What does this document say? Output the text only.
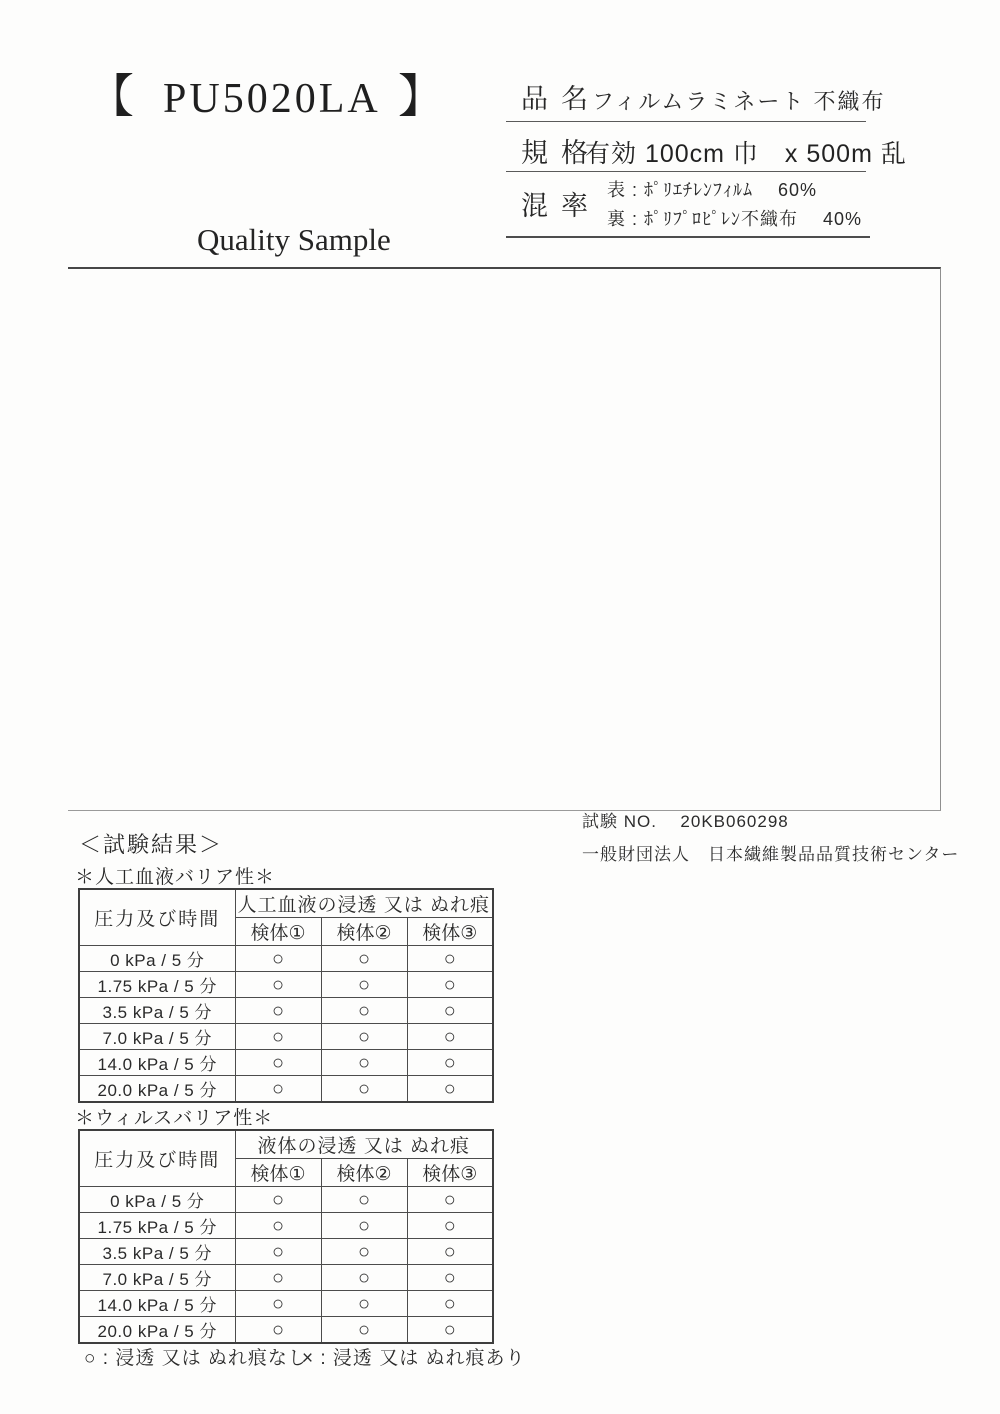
【 PU5020LA 】
Quality Sample
品名
フィルムラミネート 不織布
規格
有効 100cm 巾　x 500m 乱
混率
表 : ﾎﾟﾘｴﾁﾚﾝﾌｨﾙﾑ　 60%
裏 : ﾎﾟﾘﾌﾟﾛﾋﾟﾚﾝ不織布　 40%
試験 NO. 20KB060298
一般財団法人　日本繊維製品品質技術センター
＜試験結果＞
＊人工血液バリア性＊
圧力及び時間	人工血液の浸透 又は ぬれ痕		
	検体①	検体②	検体③
0 kPa / 5 分	○	○	○
1.75 kPa / 5 分	○	○	○
3.5 kPa / 5 分	○	○	○
7.0 kPa / 5 分	○	○	○
14.0 kPa / 5 分	○	○	○
20.0 kPa / 5 分	○	○	○
＊ウィルスバリア性＊
圧力及び時間	液体の浸透 又は ぬれ痕		
	検体①	検体②	検体③
0 kPa / 5 分	○	○	○
1.75 kPa / 5 分	○	○	○
3.5 kPa / 5 分	○	○	○
7.0 kPa / 5 分	○	○	○
14.0 kPa / 5 分	○	○	○
20.0 kPa / 5 分	○	○	○
○ : 浸透 又は ぬれ痕なし
× : 浸透 又は ぬれ痕あり
